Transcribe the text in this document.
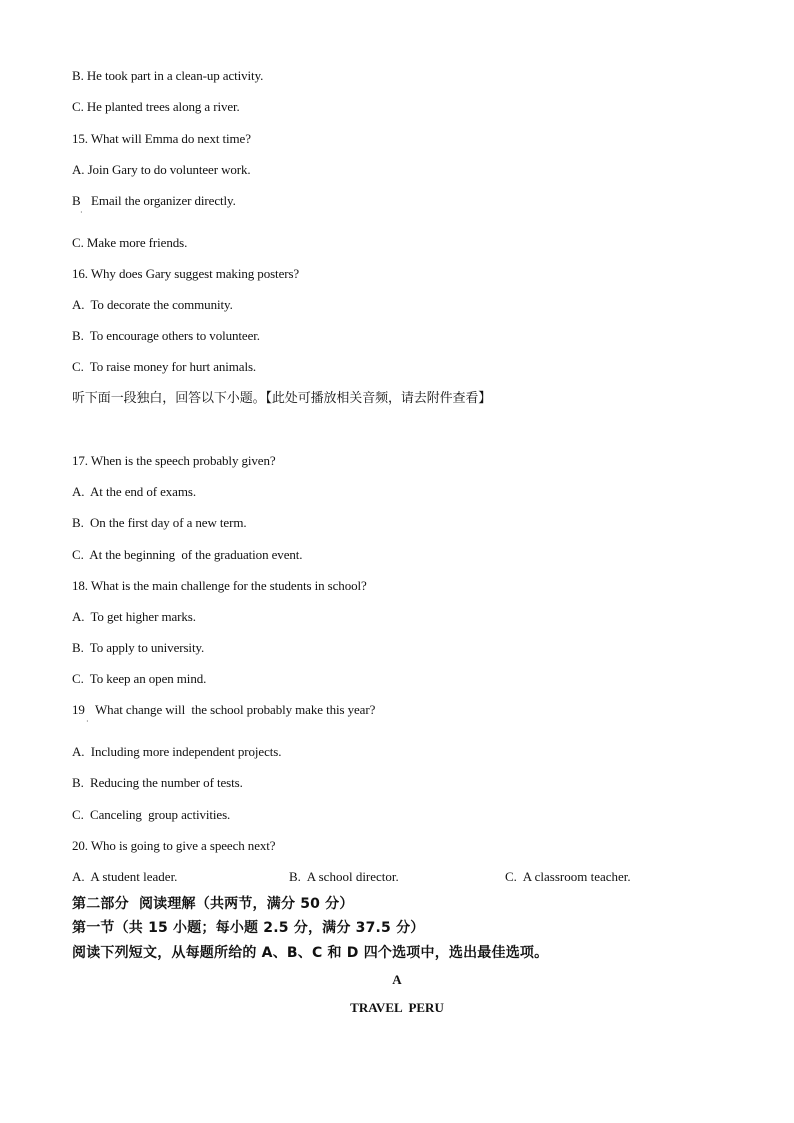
B. He took part in a clean-up activity.
C. He planted trees along a river.
15. What will Emma do next time?
A. Join Gary to do volunteer work.
B
·
Email the organizer directly.
C. Make more friends.
16. Why does Gary suggest making posters?
A.  To decorate the community.
B.  To encourage others to volunteer.
C.  To raise money for hurt animals.
听下面一段独白，回答以下小题。【此处可播放相关音频，请去附件查看】
17. When is the speech probably given?
A.  At the end of exams.
B.  On the first day of a new term.
C.  At the beginning  of the graduation event.
18. What is the main challenge for the students in school?
A.  To get higher marks.
B.  To apply to university.
C.  To keep an open mind.
19
·
What change will  the school probably make this year?
A.  Including more independent projects.
B.  Reducing the number of tests.
C.  Canceling  group activities.
20. Who is going to give a speech next?
A.  A student leader.	B.  A school director.	C.  A classroom teacher.
第二部分  阅读理解（共两节，满分 50 分）
第一节（共 15 小题；每小题 2.5 分，满分 37.5 分）
阅读下列短文，从每题所给的 A、B、C 和 D 四个选项中，选出最佳选项。
A
TRAVEL  PERU
